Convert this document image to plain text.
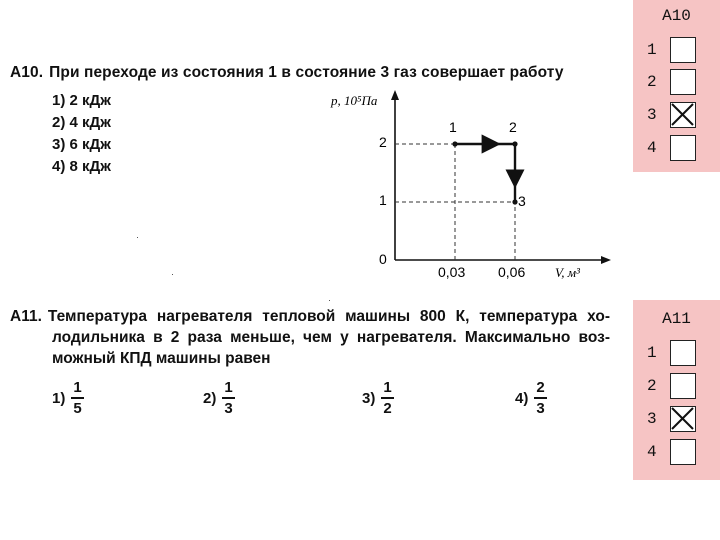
А10. При переходе из состояния 1 в состояние 3 газ совершает работу
1) 2 кДж
2) 4 кДж
3) 6 кДж
4) 8 кДж
p, 10⁵Па
V, м³
2
1
0
0,03 0,06
1	2
3
А11. Температура нагревателя тепловой машины 800 К, температура хо-
лодильника в 2 раза меньше, чем у нагревателя. Максимально воз-
можный КПД машины равен
$1) \frac{1}{5}$	$2) \frac{1}{3}$	$3) \frac{1}{2}$	$4) \frac{2}{3}$
А10
1
2
3
4
А11
1
2
3
4
